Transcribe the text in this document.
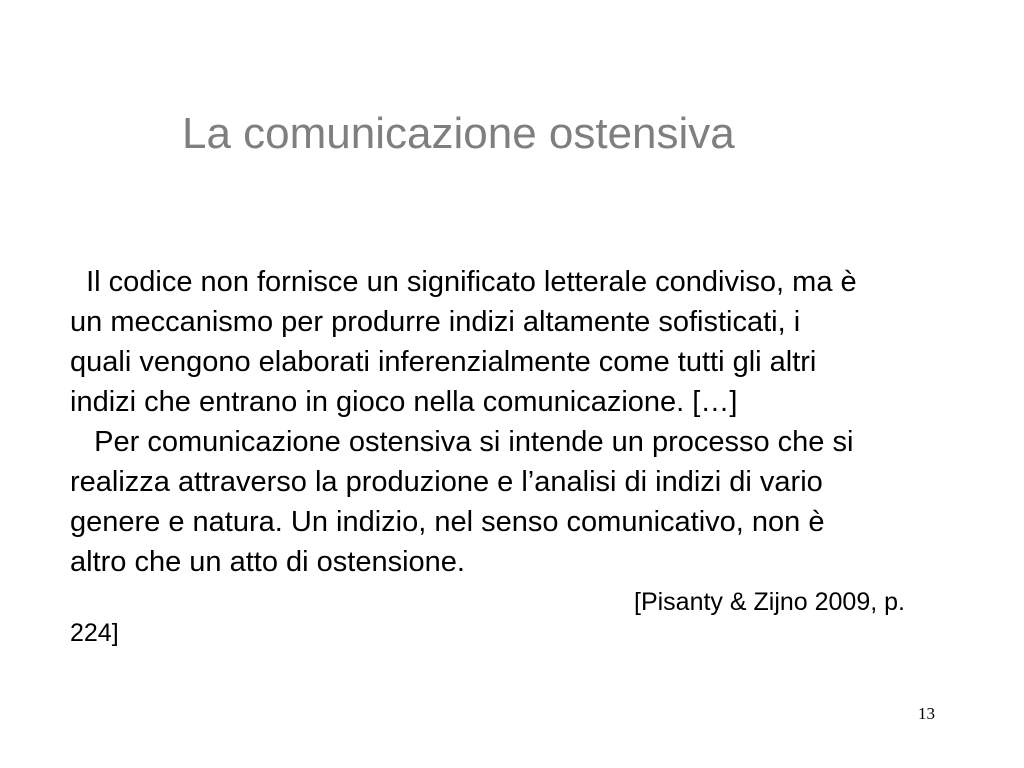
La comunicazione ostensiva
Il codice non fornisce un significato letterale condiviso, ma è
un meccanismo per produrre indizi altamente sofisticati, i
quali vengono elaborati inferenzialmente come tutti gli altri
indizi che entrano in gioco nella comunicazione. […]
Per comunicazione ostensiva si intende un processo che si
realizza attraverso la produzione e l’analisi di indizi di vario
genere e natura. Un indizio, nel senso comunicativo, non è
altro che un atto di ostensione.
[Pisanty & Zijno 2009, p.
224]
13
